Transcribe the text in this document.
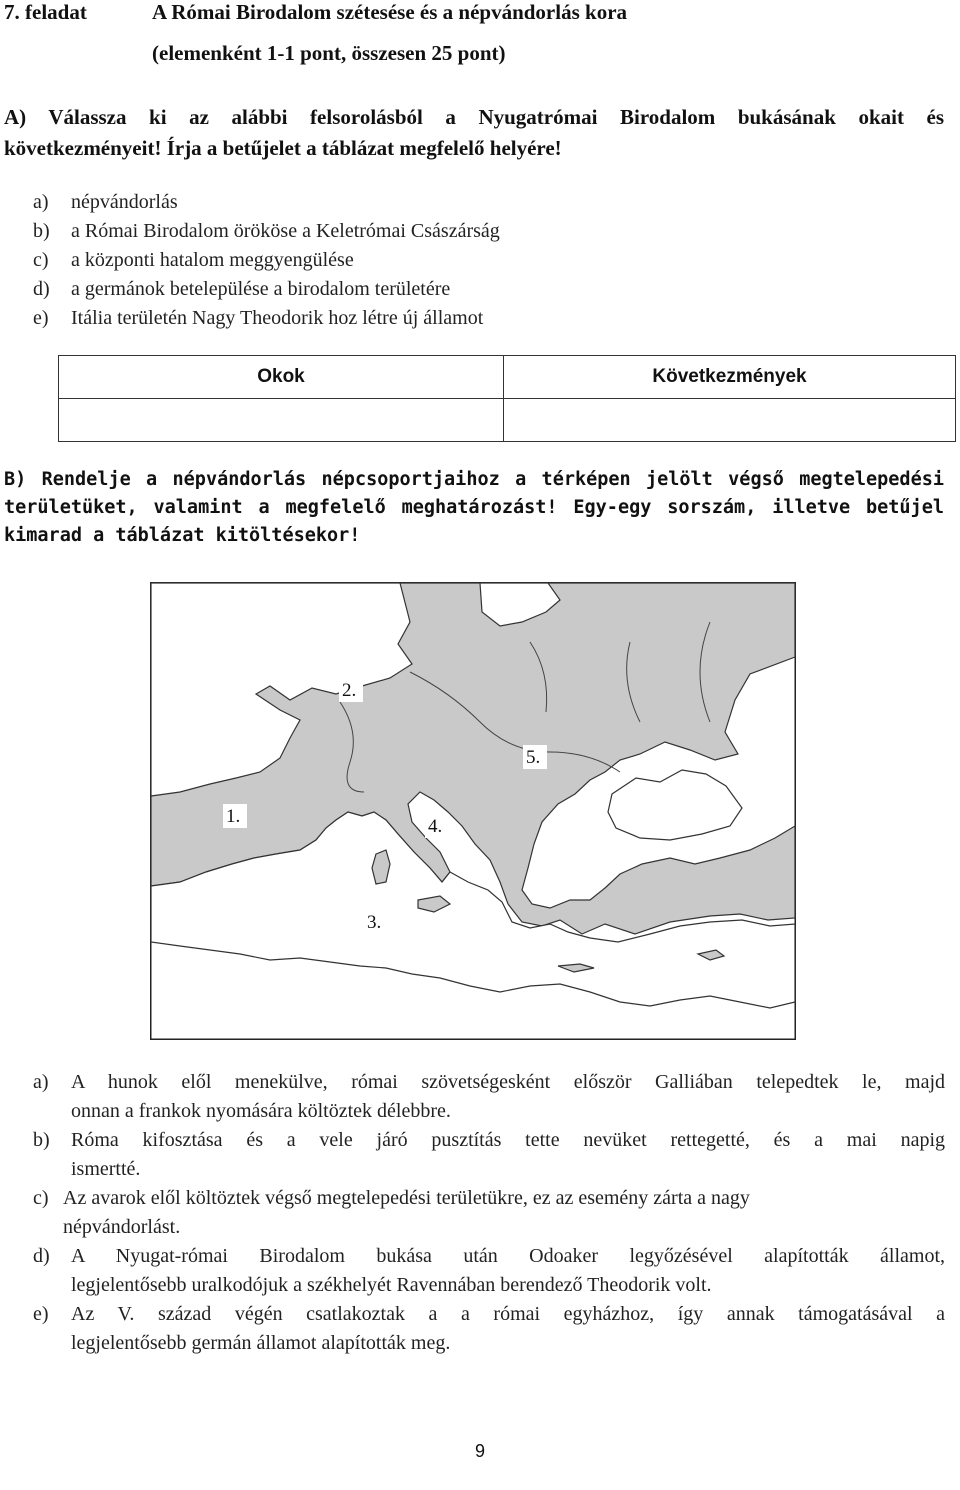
7. feladat	A Római Birodalom szétesése és a népvándorlás kora
(elemenként 1-1 pont, összesen 25 pont)
A) Válassza ki az alábbi felsorolásból a Nyugatrómai Birodalom bukásának okait és
következményeit! Írja a betűjelet a táblázat megfelelő helyére!
a) népvándorlás
b) a Római Birodalom örököse a Keletrómai Császárság
c) a központi hatalom meggyengülése
d) a germánok betelepülése a birodalom területére
e) Itália területén Nagy Theodorik hoz létre új államot
Okok	Következmények

B) Rendelje a népvándorlás népcsoportjaihoz a térképen jelölt végső megtelepedési
területüket, valamint a megfelelő meghatározást! Egy-egy sorszám, illetve betűjel
kimarad a táblázat kitöltésekor!
2.
5.
1.	4.
3.
a) A hunok elől menekülve, római szövetségesként először Galliában telepedtek le, majd
onnan a frankok nyomására költöztek délebbre.
b) Róma kifosztása és a vele járó pusztítás tette nevüket rettegetté, és a mai napig
ismertté.
c) Az avarok elől költöztek végső megtelepedési területükre, ez az esemény zárta a nagy
népvándorlást.
d) A Nyugat-római Birodalom bukása után Odoaker legyőzésével alapították államot,
legjelentősebb uralkodójuk a székhelyét Ravennában berendező Theodorik volt.
e) Az V. század végén csatlakoztak a a római egyházhoz, így annak támogatásával a
legjelentősebb germán államot alapították meg.
9
